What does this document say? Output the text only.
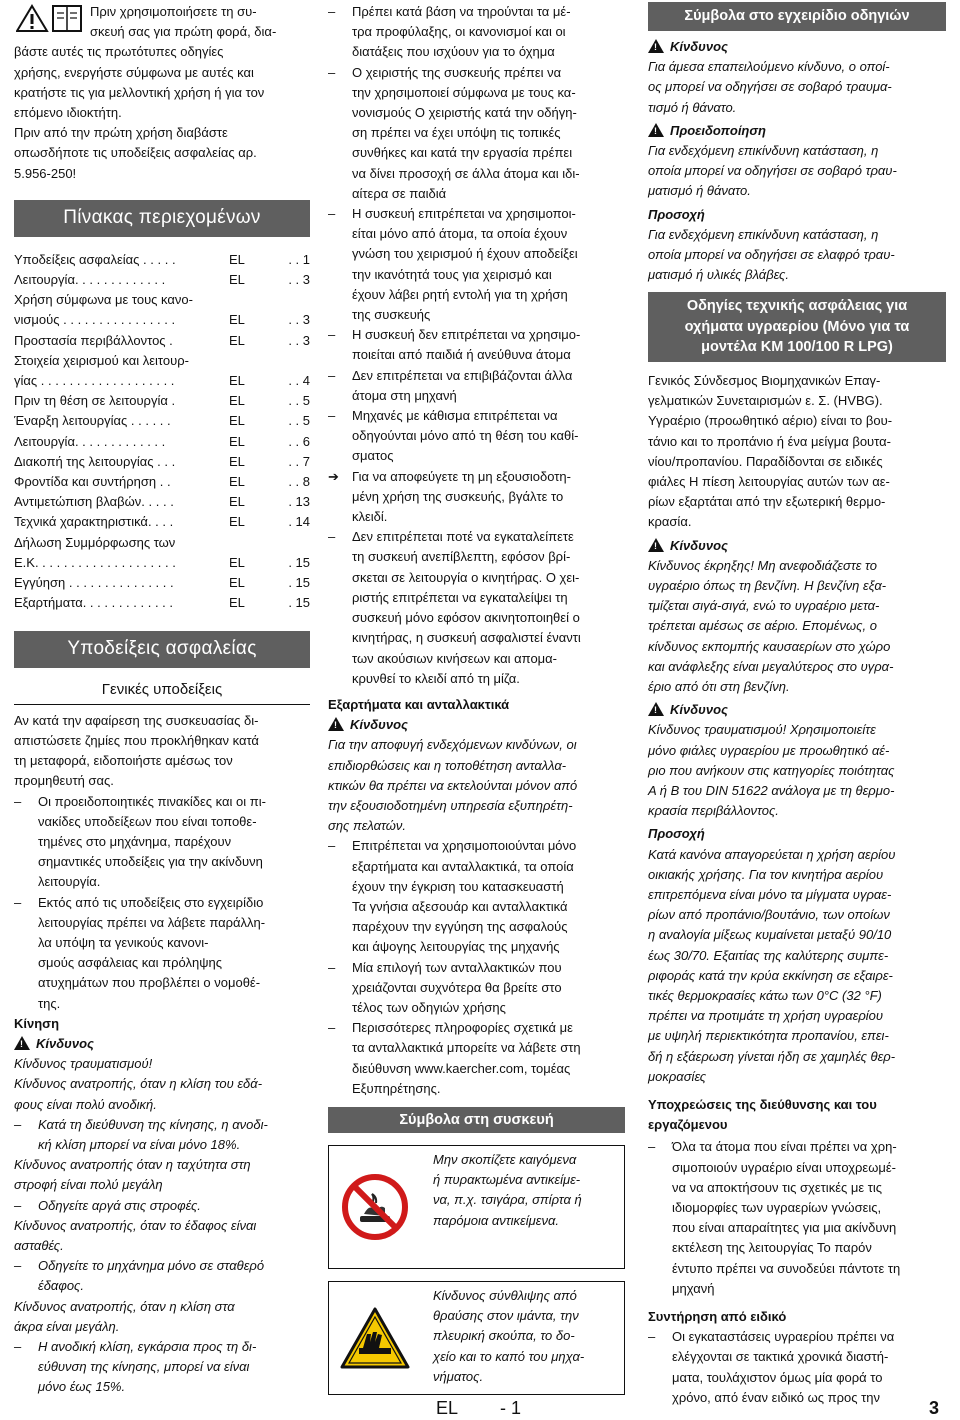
Πριν χρησιμοποιήσετε τη συ-

σκευή σας για πρώτη φορά, δια-

βάστε αυτές τις πρωτότυπες οδηγίες

χρήσης, ενεργήστε σύμφωνα με αυτές και

κρατήστε τις για μελλοντική χρήση ή για τον

επόμενο ιδιοκτήτη.

Πριν από την πρώτη χρήση διαβάστε

οπωσδήποτε τις υποδείξεις ασφαλείας αρ.

5.956-250!

Πίνακας περιεχομένων
Υποδείξεις ασφαλείας . . . . .	EL	. . 1
Λειτουργία. . . . . . . . . . . . .	EL	. . 3

Χρήση σύμφωνα με τους κανο-

νισμούς . . . . . . . . . . . . . . . .	EL	. . 3
Προστασία περιβάλλοντος .	EL	. . 3

Στοιχεία χειρισμού και λειτουρ-

γίας . . . . . . . . . . . . . . . . . . .	EL	. . 4
Πριν τη θέση σε λειτουργία .	EL	. . 5
Έναρξη λειτουργίας . . . . . .	EL	. . 5
Λειτουργία. . . . . . . . . . . . .	EL	. . 6
Διακοπή της λειτουργίας . . .	EL	. . 7
Φροντίδα και συντήρηση . .	EL	. . 8
Αντιμετώπιση βλαβών. . . . .	EL	. 13
Τεχνικά χαρακτηριστικά. . . .	EL	. 14

Δήλωση Συμμόρφωσης των

Ε.Κ. . . . . . . . . . . . . . . . . . . .	EL	. 15
Εγγύηση . . . . . . . . . . . . . . .	EL	. 15
Εξαρτήματα. . . . . . . . . . . . .	EL	. 15
Υποδείξεις ασφαλείας
Γενικές υποδείξεις

Αν κατά την αφαίρεση της συσκευασίας δι-

απιστώσετε ζημίες που προκλήθηκαν κατά

τη μεταφορά, ειδοποιήστε αμέσως τον

προμηθευτή σας.

–	Οι προειδοποιητικές πινακίδες και οι πι-

νακίδες υποδείξεων που είναι τοποθε-

τημένες στο μηχάνημα, παρέχουν

σημαντικές υποδείξεις για την ακίνδυνη

λειτουργία.

–	Εκτός από τις υποδείξεις στο εγχειρίδιο

λειτουργίας πρέπει να λάβετε παράλλη-

λα υπόψη τα γενικούς κανονι-

σμούς ασφάλειας και πρόληψης

ατυχημάτων που προβλέπει ο νομοθέ-

της.

Κίνηση

!Κίνδυνος

Κίνδυνος τραυματισμού!

Κίνδυνος ανατροπής, όταν η κλίση του εδά-

φους είναι πολύ ανοδική.

–	Κατά τη διεύθυνση της κίνησης, η ανοδι-

κή κλίση μπορεί να είναι μόνο 18%.

Κίνδυνος ανατροπής όταν η ταχύτητα στη

στροφή είναι πολύ μεγάλη

–	Οδηγείτε αργά στις στροφές.

Κίνδυνος ανατροπής, όταν το έδαφος είναι

ασταθές.

–	Οδηγείτε το μηχάνημα μόνο σε σταθερό

έδαφος.

Κίνδυνος ανατροπής, όταν η κλίση στα

άκρα είναι μεγάλη.

–	Η ανοδική κλίση, εγκάρσια προς τη δι-

εύθυνση της κίνησης, μπορεί να είναι

μόνο έως 15%.

–	Πρέπει κατά βάση να τηρούνται τα μέ-

τρα προφύλαξης, οι κανονισμοί και οι

διατάξεις που ισχύουν για το όχημα

–	Ο χειριστής της συσκευής πρέπει να

την χρησιμοποιεί σύμφωνα με τους κα-

νονισμούς Ο χειριστής κατά την οδήγη-

ση πρέπει να έχει υπόψη τις τοπικές

συνθήκες και κατά την εργασία πρέπει

να δίνει προσοχή σε άλλα άτομα και ιδι-

αίτερα σε παιδιά

–	Η συσκευή επιτρέπεται να χρησιμοποι-

είται μόνο από άτομα, τα οποία έχουν

γνώση του χειρισμού ή έχουν αποδείξει

την ικανότητά τους για χειρισμό και

έχουν λάβει ρητή εντολή για τη χρήση

της συσκευής

–	Η συσκευή δεν επιτρέπεται να χρησιμο-

ποιείται από παιδιά ή ανεύθυνα άτομα

–	Δεν επιτρέπεται να επιβιβάζονται άλλα

άτομα στη μηχανή

–	Μηχανές με κάθισμα επιτρέπεται να

οδηγούνται μόνο από τη θέση του καθί-

σματος

➔	Για να αποφεύγετε τη μη εξουσιοδοτη-

μένη χρήση της συσκευής, βγάλτε το

κλειδί.

–	Δεν επιτρέπεται ποτέ να εγκαταλείπετε

τη συσκευή ανεπίβλεπτη, εφόσον βρί-

σκεται σε λειτουργία ο κινητήρας. Ο χει-

ριστής επιτρέπεται να εγκαταλείψει τη

συσκευή μόνο εφόσον ακινητοποιηθεί ο

κινητήρας, η συσκευή ασφαλιστεί έναντι

των ακούσιων κινήσεων και απομα-

κρυνθεί το κλειδί από τη μίζα.

Εξαρτήματα και ανταλλακτικά

!Κίνδυνος

Για την αποφυγή ενδεχόμενων κινδύνων, οι

επιδιορθώσεις και η τοποθέτηση ανταλλα-

κτικών θα πρέπει να εκτελούνται μόνον από

την εξουσιοδοτημένη υπηρεσία εξυπηρέτη-

σης πελατών.

–	Επιτρέπεται να χρησιμοποιούνται μόνο

εξαρτήματα και ανταλλακτικά, τα οποία

έχουν την έγκριση του κατασκευαστή

Τα γνήσια αξεσουάρ και ανταλλακτικά

παρέχουν την εγγύηση της ασφαλούς

και άψογης λειτουργίας της μηχανής

–	Μία επιλογή των ανταλλακτικών που

χρειάζονται συχνότερα θα βρείτε στο

τέλος των οδηγιών χρήσης

–	Περισσότερες πληροφορίες σχετικά με

τα ανταλλακτικά μπορείτε να λάβετε στη

διεύθυνση www.kaercher.com, τομέας

Εξυπηρέτησης.

Σύμβολα στη συσκευή

Μην σκοπίζετε καιγόμενα

ή πυρακτωμένα αντικείμε-

να, π.χ. τσιγάρα, σπίρτα ή

παρόμοια αντικείμενα.

Κίνδυνος σύνθλιψης από

θραύσης στον ιμάντα, την

πλευρική σκούπα, το δο-

χείο και το καπό του μηχα-

νήματος.

Σύμβολα στο εγχειρίδιο οδηγιών

!Κίνδυνος

Για άμεσα επαπειλούμενο κίνδυνο, ο οποί-

ος μπορεί να οδηγήσει σε σοβαρό τραυμα-

τισμό ή θάνατο.

!Προειδοποίηση

Για ενδεχόμενη επικίνδυνη κατάσταση, η

οποία μπορεί να οδηγήσει σε σοβαρό τραυ-

ματισμό ή θάνατο.

Προσοχή

Για ενδεχόμενη επικίνδυνη κατάσταση, η

οποία μπορεί να οδηγήσει σε ελαφρό τραυ-

ματισμό ή υλικές βλάβες.

Οδηγίες τεχνικής ασφάλειας για

οχήματα υγραερίου (Μόνο για τα

μοντέλα KM 100/100 R LPG)

Γενικός Σύνδεσμος Βιομηχανικών Επαγ-

γελματικών Συνεταιρισμών ε. Σ. (HVBG).

Υγραέριο (προωθητικό αέριο) είναι το βου-

τάνιο και το προπάνιο ή ένα μείγμα βουτα-

νίου/προπανίου. Παραδίδονται σε ειδικές

φιάλες Η πίεση λειτουργίας αυτών των αε-

ρίων εξαρτάται από την εξωτερική θερμο-

κρασία.

!Κίνδυνος

Κίνδυνος έκρηξης! Μη ανεφοδιάζεστε το

υγραέριο όπως τη βενζίνη. Η βενζίνη εξα-

τμίζεται σιγά-σιγά, ενώ το υγραέριο μετα-

τρέπεται αμέσως σε αέριο. Επομένως, ο

κίνδυνος εκπομπής καυσαερίων στο χώρο

και ανάφλεξης είναι μεγαλύτερος στο υγρα-

έριο από ότι στη βενζίνη.

!Κίνδυνος

Κίνδυνος τραυματισμού! Χρησιμοποιείτε

μόνο φιάλες υγραερίου με προωθητικό αέ-

ριο που ανήκουν στις κατηγορίες ποιότητας

Α ή Β του DIN 51622 ανάλογα με τη θερμο-

κρασία περιβάλλοντος.

Προσοχή

Κατά κανόνα απαγορεύεται η χρήση αερίου

οικιακής χρήσης. Για τον κινητήρα αερίου

επιτρεπόμενα είναι μόνο τα μίγματα υγραε-

ρίων από προπάνιο/βουτάνιο, των οποίων

η αναλογία μίξεως κυμαίνεται μεταξύ 90/10

έως 30/70. Εξαιτίας της καλύτερης συμπε-

ριφοράς κατά την κρύα εκκίνηση σε εξαιρε-

τικές θερμοκρασίες κάτω των 0°C (32 °F)

πρέπει να προτιμάτε τη χρήση υγραερίου

με υψηλή περιεκτικότητα προπανίου, επει-

δή η εξάερωση γίνεται ήδη σε χαμηλές θερ-

μοκρασίες

Υποχρεώσεις της διεύθυνσης και του

εργαζόμενου

–	Όλα τα άτομα που είναι πρέπει να χρη-

σιμοποιούν υγραέριο είναι υποχρεωμέ-

να να αποκτήσουν τις σχετικές με τις

ιδιομορφίες των υγραερίων γνώσεις,

που είναι απαραίτητες για μια ακίνδυνη

εκτέλεση της λειτουργίας Το παρόν

έντυπο πρέπει να συνοδεύει πάντοτε τη

μηχανή

Συντήρηση από ειδικό

–	Οι εγκαταστάσεις υγραερίου πρέπει να

ελέγχονται σε τακτικά χρονικά διαστή-

ματα, τουλάχιστον όμως μία φορά το

χρόνο, από έναν ειδικό ως προς την

EL - 1	3
